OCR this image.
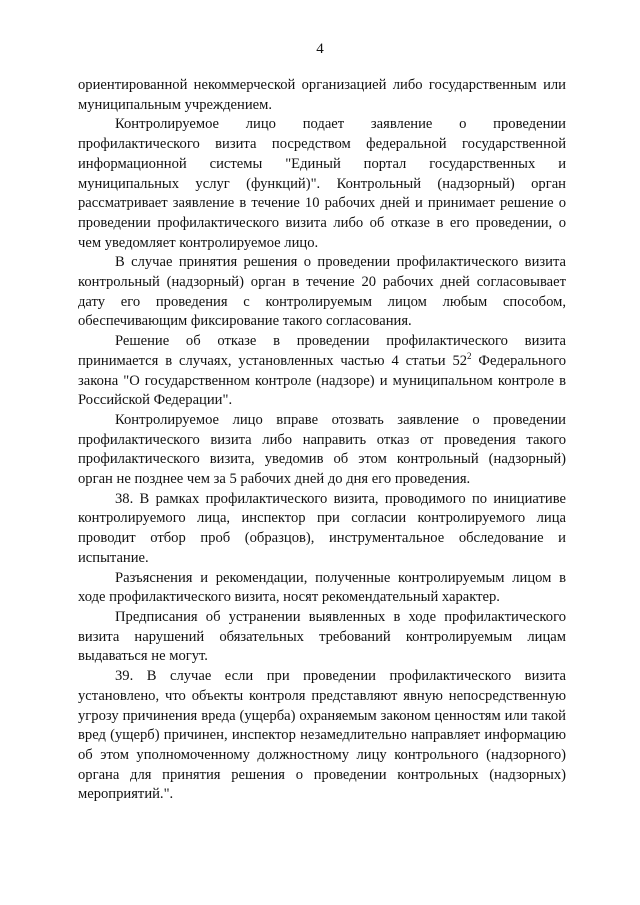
4

ориентированной некоммерческой организацией либо государственным или муниципальным учреждением.

Контролируемое лицо подает заявление о проведении профилактического визита посредством федеральной государственной информационной системы "Единый портал государственных и муниципальных услуг (функций)". Контрольный (надзорный) орган рассматривает заявление в течение 10 рабочих дней и принимает решение о проведении профилактического визита либо об отказе в его проведении, о чем уведомляет контролируемое лицо.

В случае принятия решения о проведении профилактического визита контрольный (надзорный) орган в течение 20 рабочих дней согласовывает дату его проведения с контролируемым лицом любым способом, обеспечивающим фиксирование такого согласования.

Решение об отказе в проведении профилактического визита принимается в случаях, установленных частью 4 статьи $52^2$ Федерального закона "О государственном контроле (надзоре) и муниципальном контроле в Российской Федерации".

Контролируемое лицо вправе отозвать заявление о проведении профилактического визита либо направить отказ от проведения такого профилактического визита, уведомив об этом контрольный (надзорный) орган не позднее чем за 5 рабочих дней до дня его проведения.

38. В рамках профилактического визита, проводимого по инициативе контролируемого лица, инспектор при согласии контролируемого лица проводит отбор проб (образцов), инструментальное обследование и испытание.

Разъяснения и рекомендации, полученные контролируемым лицом в ходе профилактического визита, носят рекомендательный характер.

Предписания об устранении выявленных в ходе профилактического визита нарушений обязательных требований контролируемым лицам выдаваться не могут.

39. В случае если при проведении профилактического визита установлено, что объекты контроля представляют явную непосредственную угрозу причинения вреда (ущерба) охраняемым законом ценностям или такой вред (ущерб) причинен, инспектор незамедлительно направляет информацию об этом уполномоченному должностному лицу контрольного (надзорного) органа для принятия решения о проведении контрольных (надзорных) мероприятий.".
